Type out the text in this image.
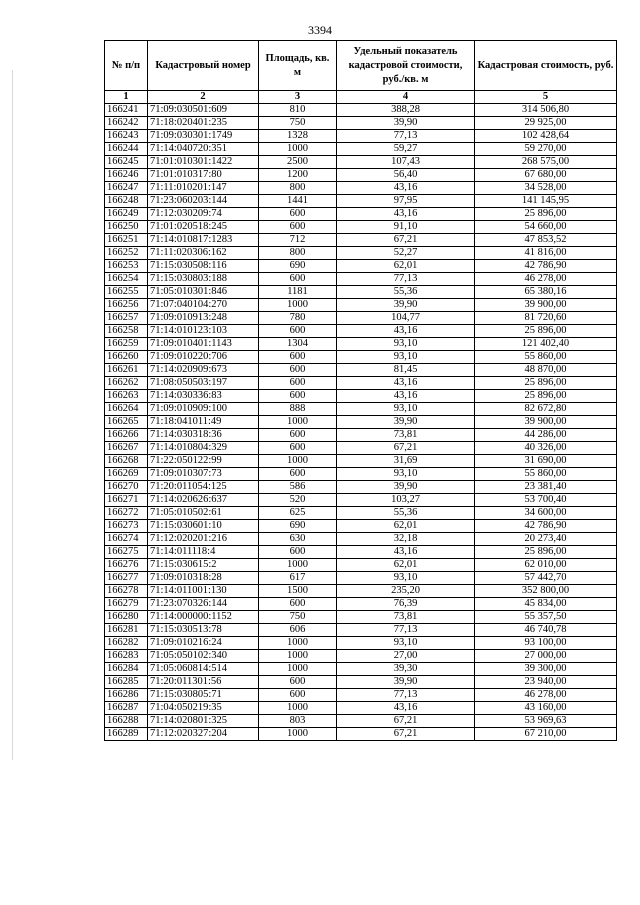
3394
№ п/п	Кадастровый номер	Площадь, кв. м	Удельный показатель кадастровой стоимости, руб./кв. м	Кадастровая стоимость, руб.
1	2	3	4	5
166241	71:09:030501:609	810	388,28	314 506,80
166242	71:18:020401:235	750	39,90	29 925,00
166243	71:09:030301:1749	1328	77,13	102 428,64
166244	71:14:040720:351	1000	59,27	59 270,00
166245	71:01:010301:1422	2500	107,43	268 575,00
166246	71:01:010317:80	1200	56,40	67 680,00
166247	71:11:010201:147	800	43,16	34 528,00
166248	71:23:060203:144	1441	97,95	141 145,95
166249	71:12:030209:74	600	43,16	25 896,00
166250	71:01:020518:245	600	91,10	54 660,00
166251	71:14:010817:1283	712	67,21	47 853,52
166252	71:11:020306:162	800	52,27	41 816,00
166253	71:15:030508:116	690	62,01	42 786,90
166254	71:15:030803:188	600	77,13	46 278,00
166255	71:05:010301:846	1181	55,36	65 380,16
166256	71:07:040104:270	1000	39,90	39 900,00
166257	71:09:010913:248	780	104,77	81 720,60
166258	71:14:010123:103	600	43,16	25 896,00
166259	71:09:010401:1143	1304	93,10	121 402,40
166260	71:09:010220:706	600	93,10	55 860,00
166261	71:14:020909:673	600	81,45	48 870,00
166262	71:08:050503:197	600	43,16	25 896,00
166263	71:14:030336:83	600	43,16	25 896,00
166264	71:09:010909:100	888	93,10	82 672,80
166265	71:18:041011:49	1000	39,90	39 900,00
166266	71:14:030318:36	600	73,81	44 286,00
166267	71:14:010804:329	600	67,21	40 326,00
166268	71:22:050122:99	1000	31,69	31 690,00
166269	71:09:010307:73	600	93,10	55 860,00
166270	71:20:011054:125	586	39,90	23 381,40
166271	71:14:020626:637	520	103,27	53 700,40
166272	71:05:010502:61	625	55,36	34 600,00
166273	71:15:030601:10	690	62,01	42 786,90
166274	71:12:020201:216	630	32,18	20 273,40
166275	71:14:011118:4	600	43,16	25 896,00
166276	71:15:030615:2	1000	62,01	62 010,00
166277	71:09:010318:28	617	93,10	57 442,70
166278	71:14:011001:130	1500	235,20	352 800,00
166279	71:23:070326:144	600	76,39	45 834,00
166280	71:14:000000:1152	750	73,81	55 357,50
166281	71:15:030513:78	606	77,13	46 740,78
166282	71:09:010216:24	1000	93,10	93 100,00
166283	71:05:050102:340	1000	27,00	27 000,00
166284	71:05:060814:514	1000	39,30	39 300,00
166285	71:20:011301:56	600	39,90	23 940,00
166286	71:15:030805:71	600	77,13	46 278,00
166287	71:04:050219:35	1000	43,16	43 160,00
166288	71:14:020801:325	803	67,21	53 969,63
166289	71:12:020327:204	1000	67,21	67 210,00
